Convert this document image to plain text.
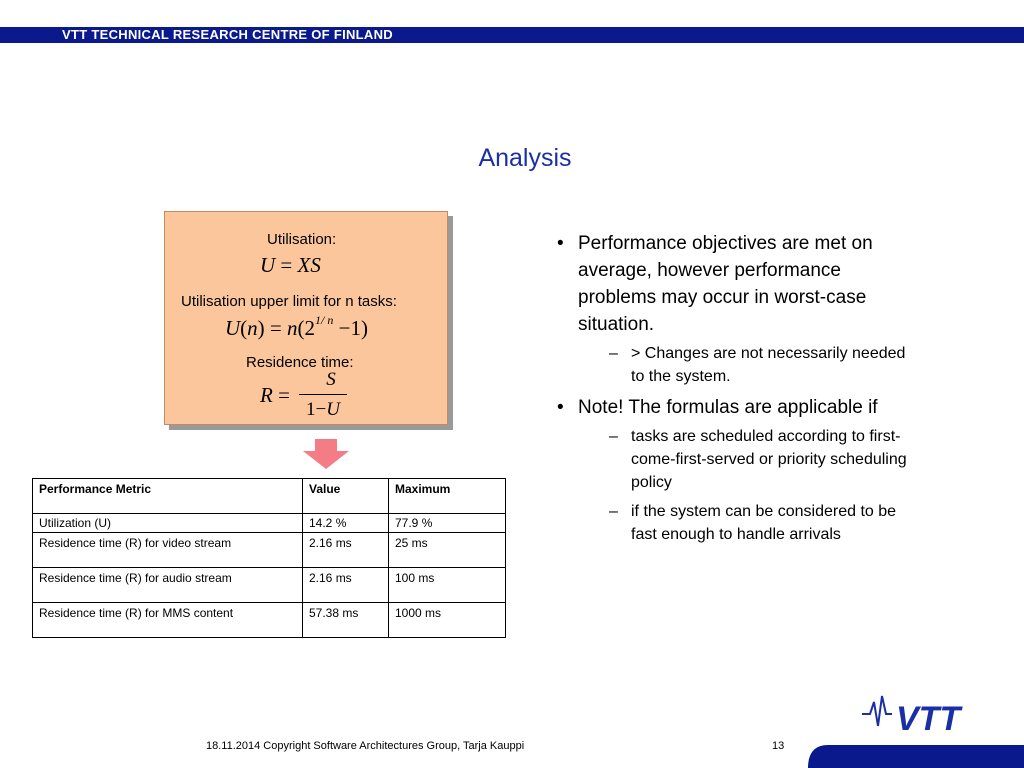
VTT TECHNICAL RESEARCH CENTRE OF FINLAND
Analysis
Utilisation:
U = XS
Utilisation upper limit for n tasks:
$U(n) = n(2^{1/ n} -1)$
Residence time:
R =
S
1−U
Performance Metric	Value	Maximum
Utilization (U)	14.2 %	77.9 %
Residence time (R) for video stream	2.16 ms	25 ms
Residence time (R) for audio stream	2.16 ms	100 ms
Residence time (R) for MMS content	57.38 ms	1000 ms
• Performance objectives are met on average, however performance problems may occur in worst-case situation.
– > Changes are not necessarily needed to the system.
• Note! The formulas are applicable if
– tasks are scheduled according to first-come-first-served or priority scheduling policy
– if the system can be considered to be fast enough to handle arrivals
18.11.2014 Copyright Software Architectures Group, Tarja Kauppi	13
VTT
